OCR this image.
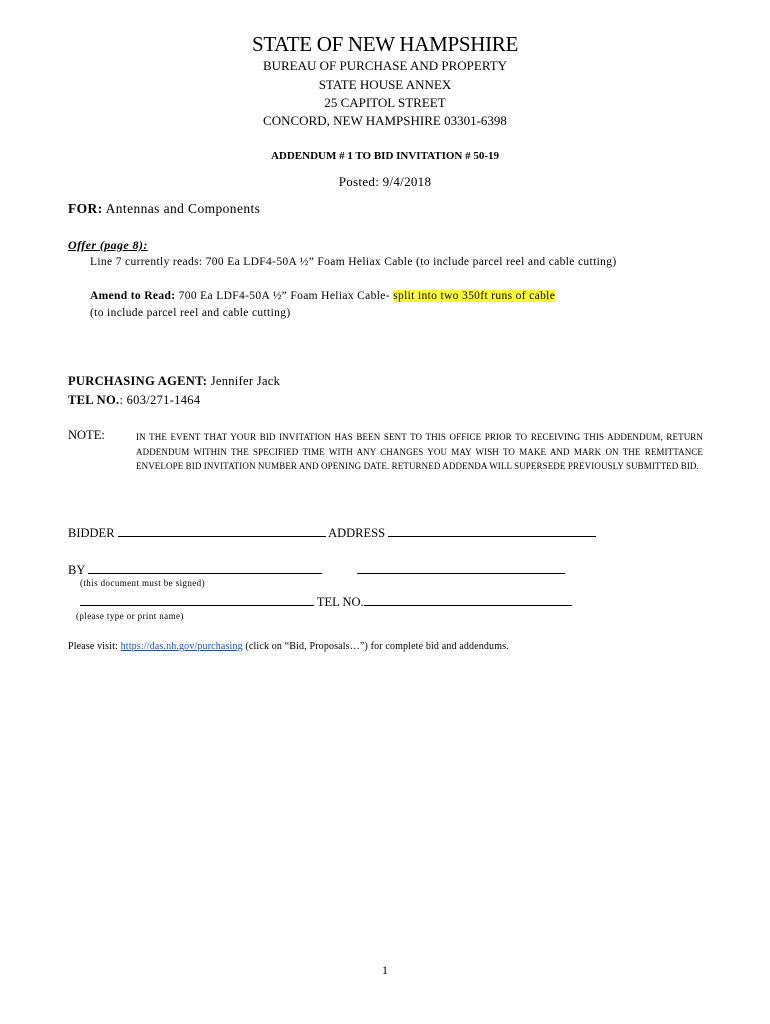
STATE OF NEW HAMPSHIRE
BUREAU OF PURCHASE AND PROPERTY
STATE HOUSE ANNEX
25 CAPITOL STREET
CONCORD, NEW HAMPSHIRE 03301-6398
ADDENDUM # 1 TO BID INVITATION # 50-19
Posted: 9/4/2018
FOR: Antennas and Components
Offer (page 8):
Line 7 currently reads: 700 Ea LDF4-50A ½” Foam Heliax Cable (to include parcel reel and cable cutting)
Amend to Read: 700 Ea LDF4-50A ½” Foam Heliax Cable- split into two 350ft runs of cable
(to include parcel reel and cable cutting)
PURCHASING AGENT: Jennifer Jack
TEL NO.: 603/271-1464
NOTE:	IN THE EVENT THAT YOUR BID INVITATION HAS BEEN SENT TO THIS OFFICE PRIOR TO RECEIVING THIS ADDENDUM, RETURN ADDENDUM WITHIN THE SPECIFIED TIME WITH ANY CHANGES YOU MAY WISH TO MAKE AND MARK ON THE REMITTANCE ENVELOPE BID INVITATION NUMBER AND OPENING DATE. RETURNED ADDENDA WILL SUPERSEDE PREVIOUSLY SUBMITTED BID.
BIDDER	ADDRESS
BY
(this document must be signed)
TEL NO.
(please type or print name)
Please visit: https://das.nh.gov/purchasing (click on “Bid, Proposals…”) for complete bid and addendums.
1
